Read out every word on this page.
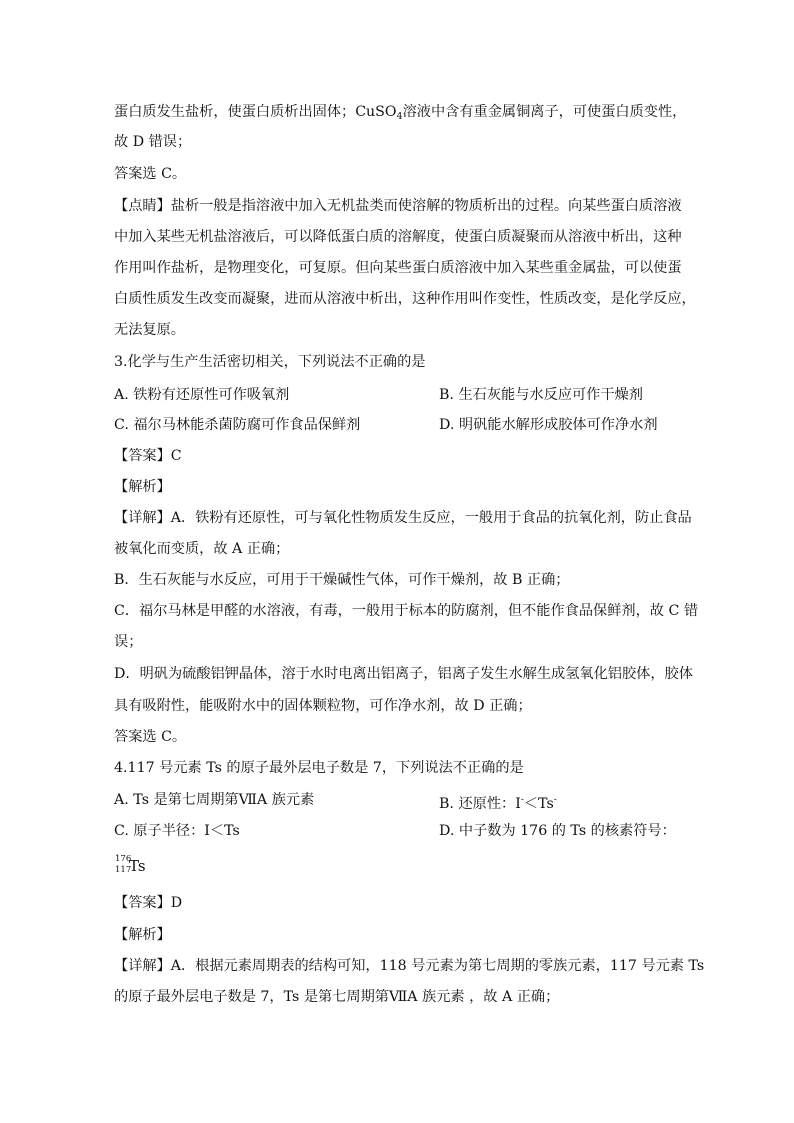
蛋白质发生盐析，使蛋白质析出固体；CuSO$_4$溶液中含有重金属铜离子，可使蛋白质变性，
故 D 错误；
答案选 C。
【点睛】盐析一般是指溶液中加入无机盐类而使溶解的物质析出的过程。向某些蛋白质溶液
中加入某些无机盐溶液后，可以降低蛋白质的溶解度，使蛋白质凝聚而从溶液中析出，这种
作用叫作盐析，是物理变化，可复原。但向某些蛋白质溶液中加入某些重金属盐，可以使蛋
白质性质发生改变而凝聚，进而从溶液中析出，这种作用叫作变性，性质改变，是化学反应，
无法复原。
3.化学与生产生活密切相关，下列说法不正确的是
A. 铁粉有还原性可作吸氧剂	B. 生石灰能与水反应可作干燥剂
C. 福尔马林能杀菌防腐可作食品保鲜剂	D. 明矾能水解形成胶体可作净水剂
【答案】C
【解析】
【详解】A．铁粉有还原性，可与氧化性物质发生反应，一般用于食品的抗氧化剂，防止食品
被氧化而变质，故 A 正确；
B．生石灰能与水反应，可用于干燥碱性气体，可作干燥剂，故 B 正确；
C．福尔马林是甲醛的水溶液，有毒，一般用于标本的防腐剂，但不能作食品保鲜剂，故 C 错
误；
D．明矾为硫酸铝钾晶体，溶于水时电离出铝离子，铝离子发生水解生成氢氧化铝胶体，胶体
具有吸附性，能吸附水中的固体颗粒物，可作净水剂，故 D 正确；
答案选 C。
4.117 号元素 Ts 的原子最外层电子数是 7，下列说法不正确的是
A. Ts 是第七周期第ⅦA 族元素	B. 还原性：I-＜Ts-
C. 原子半径：I＜Ts	D. 中子数为 176 的 Ts 的核素符号：
176
117
Ts
【答案】D
【解析】
【详解】A．根据元素周期表的结构可知，118 号元素为第七周期的零族元素，117 号元素 Ts
的原子最外层电子数是 7，Ts 是第七周期第ⅦA 族元素 ，故 A 正确；
